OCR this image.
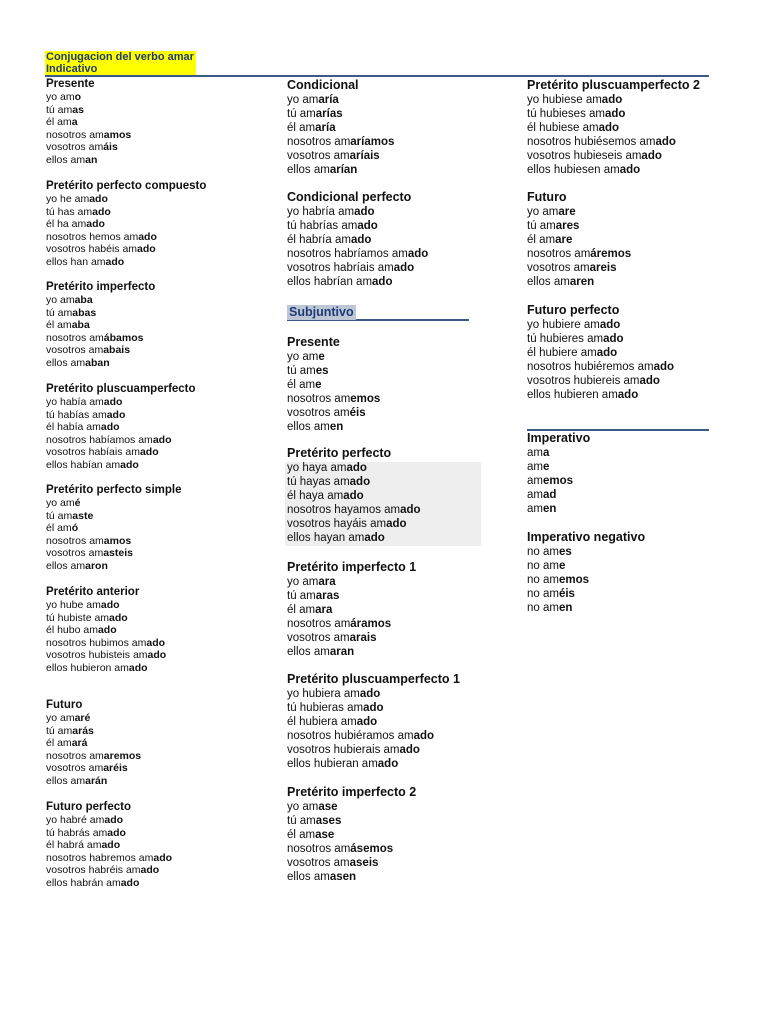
Conjugacion del verbo amar
Indicativo
Subjuntivo
Presente
yo amo
tú amas
él ama
nosotros amamos
vosotros amáis
ellos aman
Pretérito perfecto compuesto
yo he amado
tú has amado
él ha amado
nosotros hemos amado
vosotros habéis amado
ellos han amado
Pretérito imperfecto
yo amaba
tú amabas
él amaba
nosotros amábamos
vosotros amabais
ellos amaban
Pretérito pluscuamperfecto
yo había amado
tú habías amado
él había amado
nosotros habíamos amado
vosotros habíais amado
ellos habían amado
Pretérito perfecto simple
yo amé
tú amaste
él amó
nosotros amamos
vosotros amasteis
ellos amaron
Pretérito anterior
yo hube amado
tú hubiste amado
él hubo amado
nosotros hubimos amado
vosotros hubisteis amado
ellos hubieron amado
Futuro
yo amaré
tú amarás
él amará
nosotros amaremos
vosotros amaréis
ellos amarán
Futuro perfecto
yo habré amado
tú habrás amado
él habrá amado
nosotros habremos amado
vosotros habréis amado
ellos habrán amado
Condicional
yo amaría
tú amarías
él amaría
nosotros amaríamos
vosotros amaríais
ellos amarían
Condicional perfecto
yo habría amado
tú habrías amado
él habría amado
nosotros habríamos amado
vosotros habríais amado
ellos habrían amado
Presente
yo ame
tú ames
él ame
nosotros amemos
vosotros améis
ellos amen
Pretérito perfecto
yo haya amado
tú hayas amado
él haya amado
nosotros hayamos amado
vosotros hayáis amado
ellos hayan amado
Pretérito imperfecto 1
yo amara
tú amaras
él amara
nosotros amáramos
vosotros amarais
ellos amaran
Pretérito pluscuamperfecto 1
yo hubiera amado
tú hubieras amado
él hubiera amado
nosotros hubiéramos amado
vosotros hubierais amado
ellos hubieran amado
Pretérito imperfecto 2
yo amase
tú amases
él amase
nosotros amásemos
vosotros amaseis
ellos amasen
Pretérito pluscuamperfecto 2
yo hubiese amado
tú hubieses amado
él hubiese amado
nosotros hubiésemos amado
vosotros hubieseis amado
ellos hubiesen amado
Futuro
yo amare
tú amares
él amare
nosotros amáremos
vosotros amareis
ellos amaren
Futuro perfecto
yo hubiere amado
tú hubieres amado
él hubiere amado
nosotros hubiéremos amado
vosotros hubiereis amado
ellos hubieren amado
Imperativo
ama
ame
amemos
amad
amen
Imperativo negativo
no ames
no ame
no amemos
no améis
no amen
